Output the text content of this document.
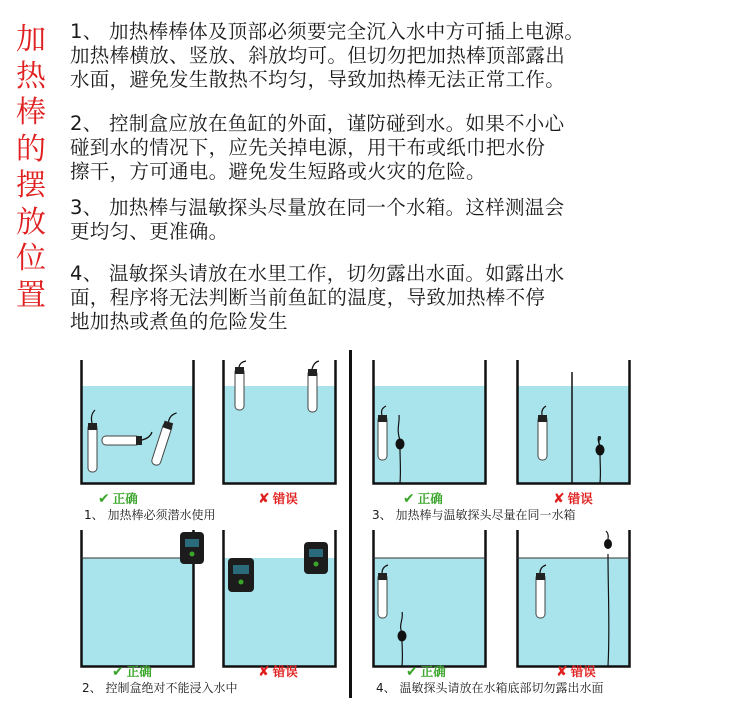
加
热
棒
的
摆
放
位
置
1、 加热棒棒体及顶部必须要完全沉入水中方可插上电源。
加热棒横放、竖放、斜放均可。但切勿把加热棒顶部露出
水面，避免发生散热不均匀，导致加热棒无法正常工作。
2、 控制盒应放在鱼缸的外面，谨防碰到水。如果不小心
碰到水的情况下，应先关掉电源，用干布或纸巾把水份
擦干，方可通电。避免发生短路或火灾的危险。
3、 加热棒与温敏探头尽量放在同一个水箱。这样测温会
更均匀、更准确。
4、 温敏探头请放在水里工作，切勿露出水面。如露出水
面，程序将无法判断当前鱼缸的温度，导致加热棒不停
地加热或煮鱼的危险发生
✔ 正确	✘ 错误	✔ 正确	✘ 错误
1、 加热棒必须潜水使用	3、 加热棒与温敏探头尽量在同一水箱
✔ 正确	✘ 错误	✔ 正确	✘ 错误
2、 控制盒绝对不能浸入水中	4、 温敏探头请放在水箱底部切勿露出水面
